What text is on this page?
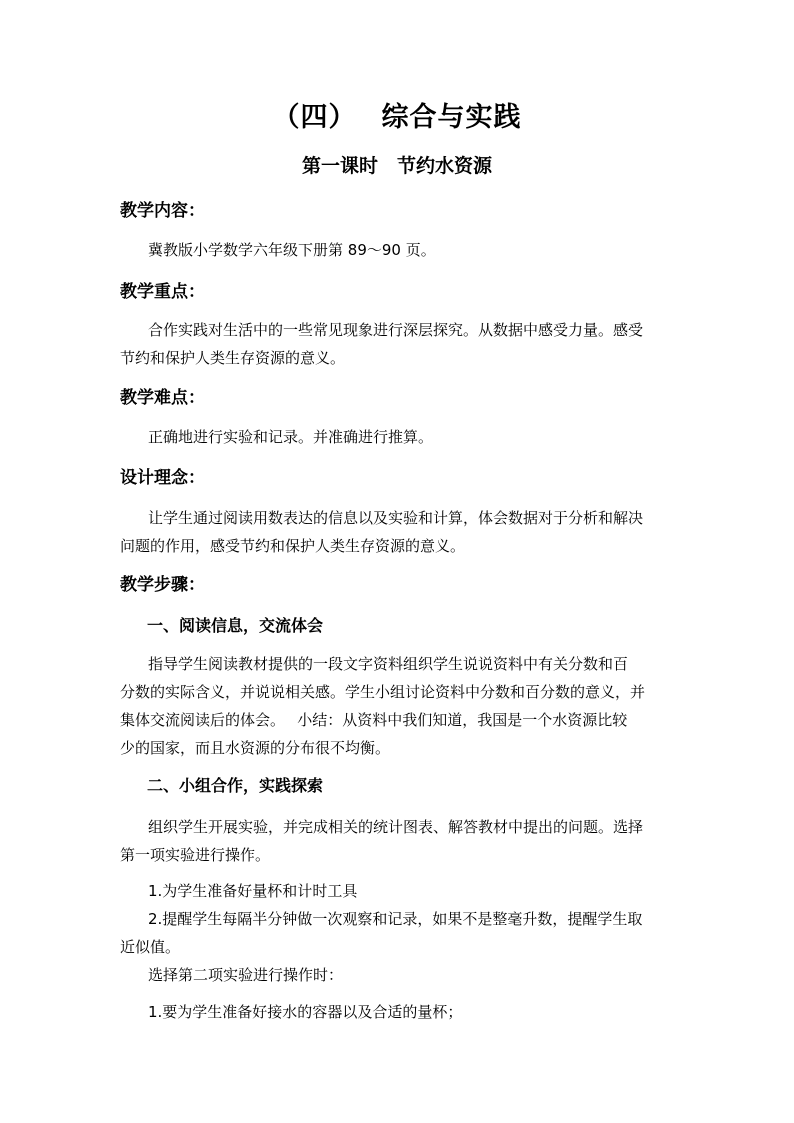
（四）　 综合与实践
第一课时　节约水资源
教学内容：
冀教版小学数学六年级下册第 89～90 页。
教学重点：
合作实践对生活中的一些常见现象进行深层探究。从数据中感受力量。感受
节约和保护人类生存资源的意义。
教学难点：
正确地进行实验和记录。并准确进行推算。
设计理念：
让学生通过阅读用数表达的信息以及实验和计算，体会数据对于分析和解决
问题的作用，感受节约和保护人类生存资源的意义。
教学步骤：
一、阅读信息，交流体会
指导学生阅读教材提供的一段文字资料组织学生说说资料中有关分数和百
分数的实际含义，并说说相关感。学生小组讨论资料中分数和百分数的意义，并
集体交流阅读后的体会。　 小结：从资料中我们知道，我国是一个水资源比较
少的国家，而且水资源的分布很不均衡。
二、小组合作，实践探索
组织学生开展实验，并完成相关的统计图表、解答教材中提出的问题。选择
第一项实验进行操作。
1.为学生准备好量杯和计时工具
2.提醒学生每隔半分钟做一次观察和记录，如果不是整毫升数，提醒学生取
近似值。
选择第二项实验进行操作时：
1.要为学生准备好接水的容器以及合适的量杯；
